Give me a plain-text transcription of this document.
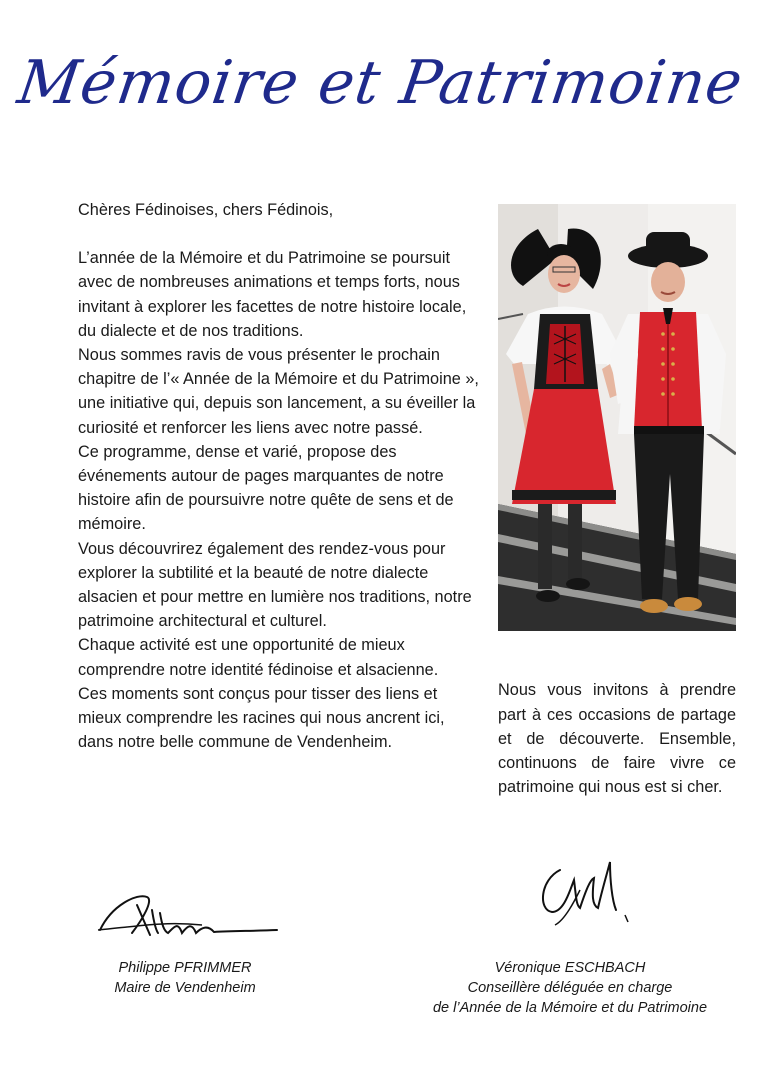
Mémoire et Patrimoine

Chères Fédinoises, chers Fédinois,

L’année de la Mémoire et du Patrimoine se poursuit avec de nombreuses animations et temps forts, nous invitant à explorer les facettes de notre histoire locale, du dialecte et de nos traditions.

Nous sommes ravis de vous présenter le prochain chapitre de l’« Année de la Mémoire et du Patrimoine », une initiative qui, depuis son lancement, a su éveiller la curiosité et renforcer les liens avec notre passé.

Ce programme, dense et varié, propose des événements autour de pages marquantes de notre histoire afin de poursuivre notre quête de sens et de mémoire.

Vous découvrirez également des rendez-vous pour explorer la subtilité et la beauté de notre dialecte alsacien et pour mettre en lumière nos traditions, notre patrimoine architectural et culturel.

Chaque activité est une opportunité de mieux comprendre notre identité fédinoise et alsacienne.

Ces moments sont conçus pour tisser des liens et mieux comprendre les racines qui nous ancrent ici, dans notre belle commune de Vendenheim.

Nous vous invitons à prendre part à ces occasions de partage et de découverte. Ensemble, continuons de faire vivre ce patrimoine qui nous est si cher.

Philippe PFRIMMER
Maire de Vendenheim
Véronique ESCHBACH
Conseillère déléguée en charge
de l’Année de la Mémoire et du Patrimoine
